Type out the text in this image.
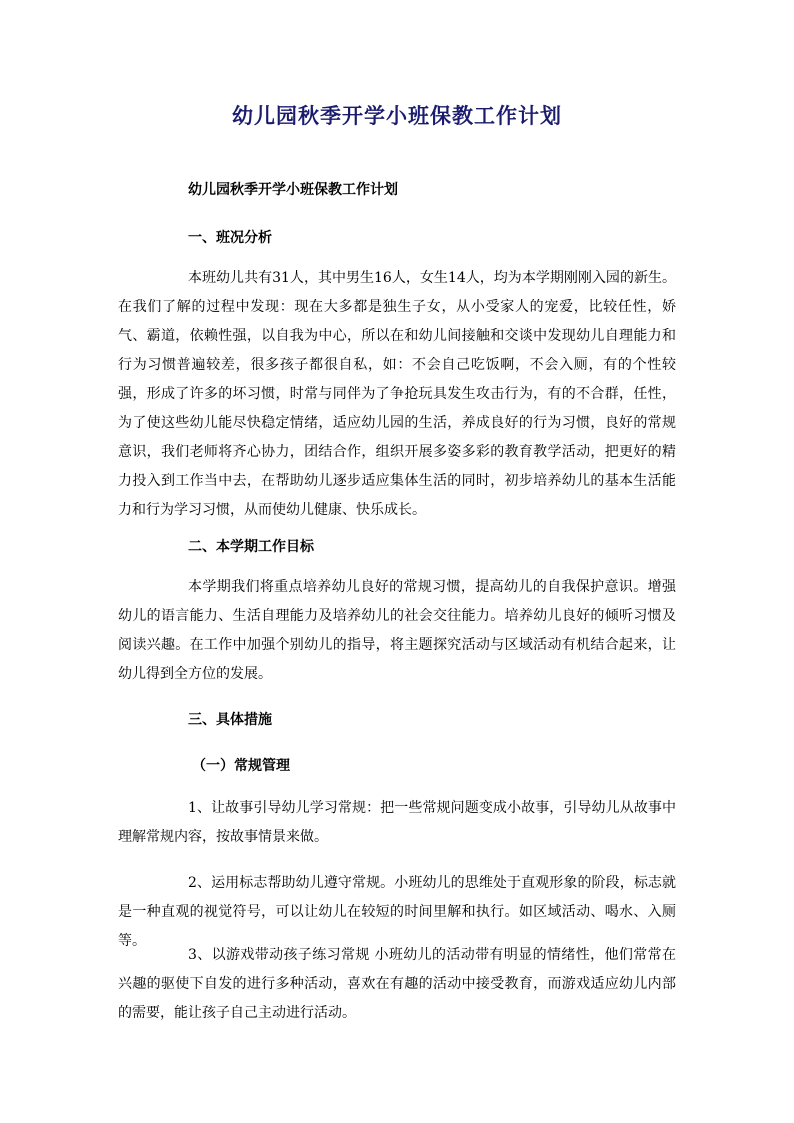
幼儿园秋季开学小班保教工作计划

幼儿园秋季开学小班保教工作计划

一、班况分析

本班幼儿共有31人，其中男生16人，女生14人，均为本学期刚刚入园的新生。在我们了解的过程中发现：现在大多都是独生子女，从小受家人的宠爱，比较任性，娇气、霸道，依赖性强，以自我为中心，所以在和幼儿间接触和交谈中发现幼儿自理能力和行为习惯普遍较差，很多孩子都很自私，如：不会自己吃饭啊，不会入厕，有的个性较强，形成了许多的坏习惯，时常与同伴为了争抢玩具发生攻击行为，有的不合群，任性，为了使这些幼儿能尽快稳定情绪，适应幼儿园的生活，养成良好的行为习惯，良好的常规意识，我们老师将齐心协力，团结合作，组织开展多姿多彩的教育教学活动，把更好的精力投入到工作当中去，在帮助幼儿逐步适应集体生活的同时，初步培养幼儿的基本生活能力和行为学习习惯，从而使幼儿健康、快乐成长。

二、本学期工作目标

本学期我们将重点培养幼儿良好的常规习惯，提高幼儿的自我保护意识。增强幼儿的语言能力、生活自理能力及培养幼儿的社会交往能力。培养幼儿良好的倾听习惯及阅读兴趣。在工作中加强个别幼儿的指导，将主题探究活动与区域活动有机结合起来，让幼儿得到全方位的发展。

三、具体措施

（一）常规管理

1、让故事引导幼儿学习常规：把一些常规问题变成小故事，引导幼儿从故事中理解常规内容，按故事情景来做。

2、运用标志帮助幼儿遵守常规。小班幼儿的思维处于直观形象的阶段，标志就是一种直观的视觉符号，可以让幼儿在较短的时间里解和执行。如区域活动、喝水、入厕等。

3、以游戏带动孩子练习常规 小班幼儿的活动带有明显的情绪性，他们常常在兴趣的驱使下自发的进行多种活动，喜欢在有趣的活动中接受教育，而游戏适应幼儿内部的需要，能让孩子自己主动进行活动。
